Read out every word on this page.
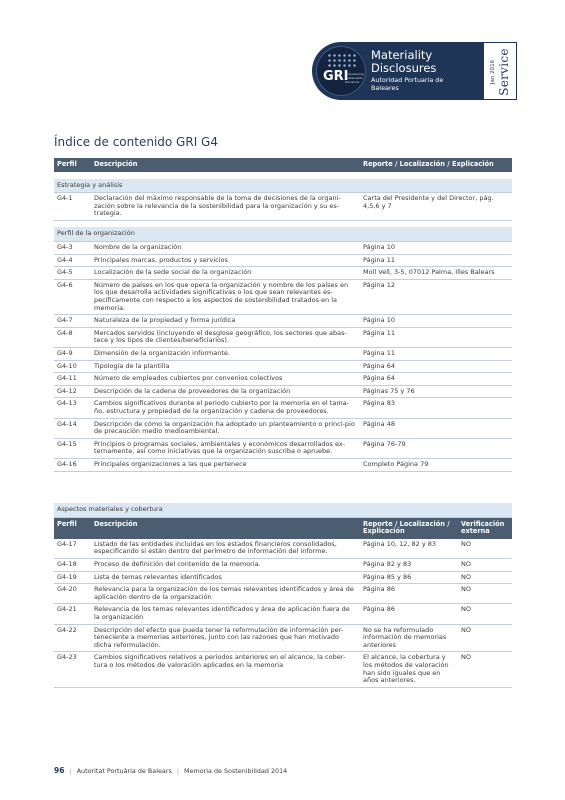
GRI
Empowering Sustainable Decisions
Materiality
Disclosures
Autoridad Portuaria de
Baleares
Jan 2016 Service
Índice de contenido GRI G4
Perfil	Descripción	Reporte / Localización / Explicación

Estrategia y análisis		
G4-1	Declaración del máximo responsable de la toma de decisiones de la organi-zación sobre la relevancia de la sostenibilidad para la organización y su es-trategia.	Carta del Presidente y del Director, pág. 4,5,6 y 7

Perfil de la organización		
G4-3	Nombre de la organización	Página 10
G4-4	Principales marcas, productos y servicios	Página 11
G4-5	Localización de la sede social de la organización	Moll Vell, 3-5, 07012 Palma, Illes Balears
G4-6	Número de países en los que opera la organización y nombre de los países en los que desarrolla actividades significativas o los que sean relevantes es-pecíficamente con respecto a los aspectos de sostenibilidad tratados en la memoria.	Página 12
G4-7	Naturaleza de la propiedad y forma jurídica	Página 10
G4-8	Mercados servidos (incluyendo el desglose geográfico, los sectores que abas-tece y los tipos de clientes/beneficiarios).	Página 11
G4-9	Dimensión de la organización informante.	Página 11
G4-10	Tipología de la plantilla	Página 64
G4-11	Número de empleados cubiertos por convenios colectivos	Página 64
G4-12	Descripción de la cadena de proveedores de la organización	Páginas 75 y 76
G4-13	Cambios significativos durante el periodo cubierto por la memoria en el tama-ño, estructura y propiedad de la organización y cadena de proveedores.	Página 83
G4-14	Descripción de cómo la organización ha adoptado un planteamiento o princi-pio de precaución medio medioambiental.	Página 48
G4-15	Principios o programas sociales, ambientales y económicos desarrollados ex-ternamente, así como iniciativas que la organización suscriba o apruebe.	Página 76-79
G4-16	Principales organizaciones a las que pertenece	Completo Página 79
Aspectos materiales y cobertura			
Perfil	Descripción	Reporte / Localización / Explicación	Verificación externa
G4-17	Listado de las entidades incluidas en los estados financieros consolidados, especificando si están dentro del perímetro de información del informe.	Página 10, 12, 82 y 83	NO
G4-18	Proceso de definición del contenido de la memoria.	Página 82 y 83	NO
G4-19	Lista de temas relevantes identificados	Página 85 y 86	NO
G4-20	Relevancia para la organización de los temas relevantes identificados y área de aplicación dentro de la organización	Página 86	NO
G4-21	Relevancia de los temas relevantes identificados y área de aplicación fuera de la organización	Página 86	NO
G4-22	Descripción del efecto que pueda tener la reformulación de información per-teneciente a memorias anteriores, junto con las razones que han motivado dicha reformulación.	No se ha reformulado información de memorias anteriores	NO
G4-23	Cambios significativos relativos a periodos anteriores en el alcance, la cober-tura o los métodos de valoración aplicados en la memoria	El alcance, la cobertura y los métodos de valoración han sido iguales que en años anteriores.	NO
96 | Autoritat Portuària de Balears | Memoria de Sostenibilidad 2014
